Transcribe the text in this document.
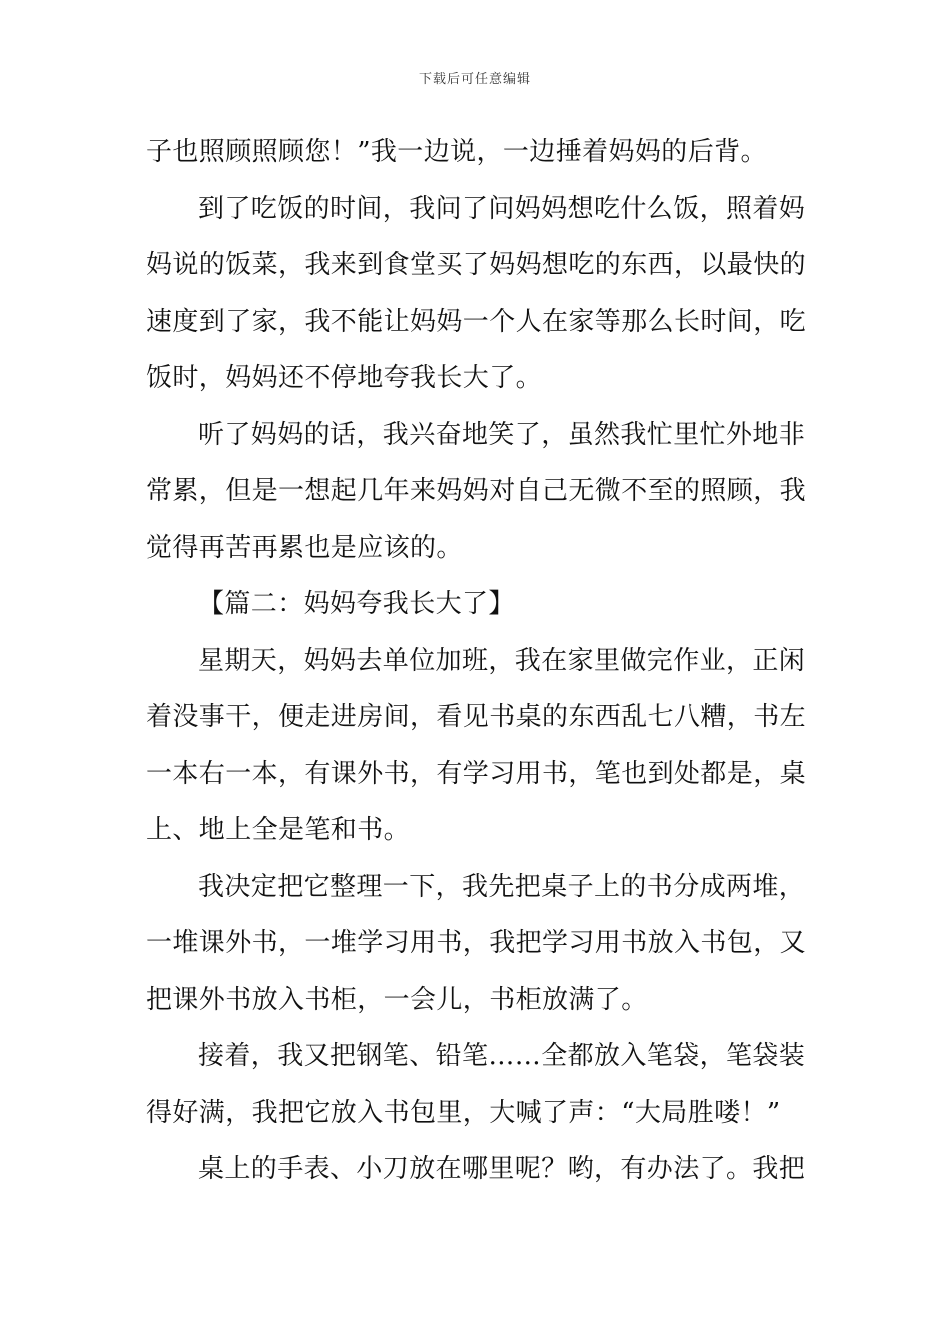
下载后可任意编辑
子也照顾照顾您！”我一边说，一边捶着妈妈的后背。
到了吃饭的时间，我问了问妈妈想吃什么饭，照着妈
妈说的饭菜，我来到食堂买了妈妈想吃的东西，以最快的
速度到了家，我不能让妈妈一个人在家等那么长时间，吃
饭时，妈妈还不停地夸我长大了。
听了妈妈的话，我兴奋地笑了，虽然我忙里忙外地非
常累，但是一想起几年来妈妈对自己无微不至的照顾，我
觉得再苦再累也是应该的。
【篇二：妈妈夸我长大了】
星期天，妈妈去单位加班，我在家里做完作业，正闲
着没事干，便走进房间，看见书桌的东西乱七八糟，书左
一本右一本，有课外书，有学习用书，笔也到处都是，桌
上、地上全是笔和书。
我决定把它整理一下，我先把桌子上的书分成两堆，
一堆课外书，一堆学习用书，我把学习用书放入书包，又
把课外书放入书柜，一会儿，书柜放满了。
接着，我又把钢笔、铅笔……全都放入笔袋，笔袋装
得好满，我把它放入书包里，大喊了声：“大局胜喽！”
桌上的手表、小刀放在哪里呢？哟，有办法了。我把
